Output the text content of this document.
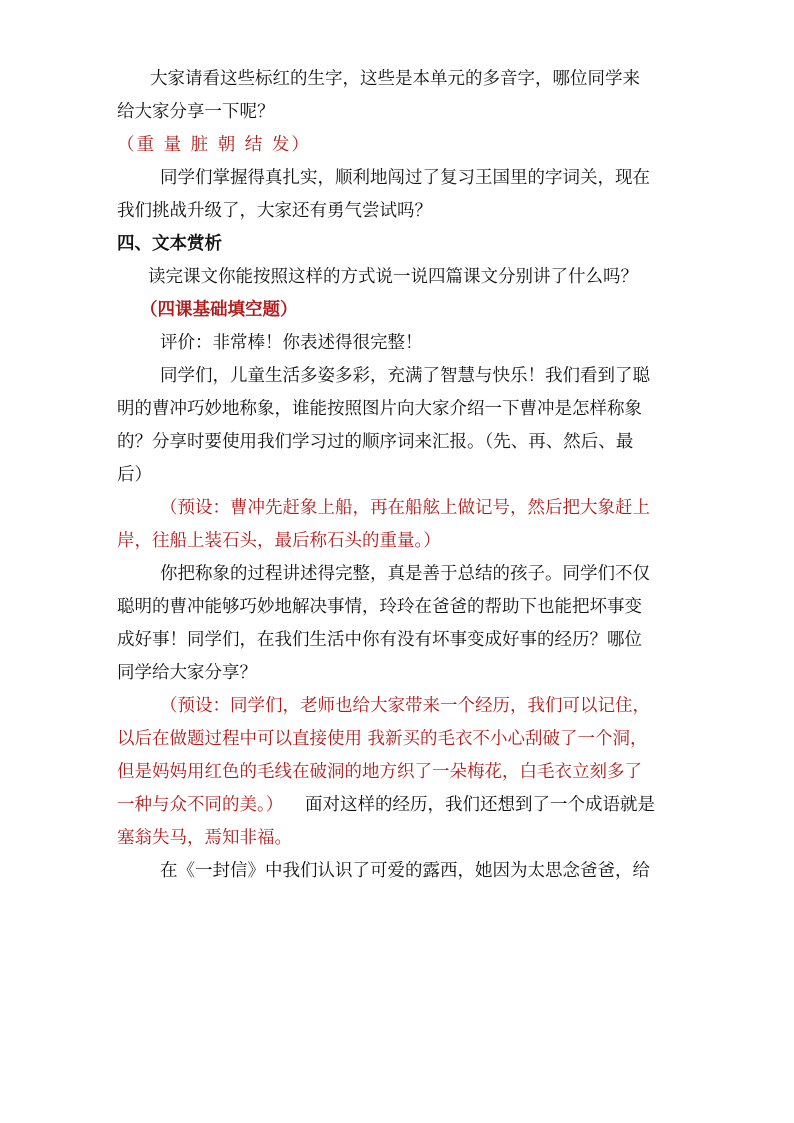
大家请看这些标红的生字，这些是本单元的多音字，哪位同学来
给大家分享一下呢？
（重 量 脏 朝 结 发）
同学们掌握得真扎实，顺利地闯过了复习王国里的字词关，现在
我们挑战升级了，大家还有勇气尝试吗？
四、文本赏析
读完课文你能按照这样的方式说一说四篇课文分别讲了什么吗？
（四课基础填空题）
评价：非常棒！你表述得很完整！
同学们，儿童生活多姿多彩，充满了智慧与快乐！我们看到了聪
明的曹冲巧妙地称象，谁能按照图片向大家介绍一下曹冲是怎样称象
的？分享时要使用我们学习过的顺序词来汇报。（先、再、然后、最
后）
（预设：曹冲先赶象上船，再在船舷上做记号，然后把大象赶上
岸，往船上装石头，最后称石头的重量。）
你把称象的过程讲述得完整，真是善于总结的孩子。同学们不仅
聪明的曹冲能够巧妙地解决事情，玲玲在爸爸的帮助下也能把坏事变
成好事！同学们，在我们生活中你有没有坏事变成好事的经历？哪位
同学给大家分享？
（预设：同学们，老师也给大家带来一个经历，我们可以记住，
以后在做题过程中可以直接使用 我新买的毛衣不小心刮破了一个洞，
但是妈妈用红色的毛线在破洞的地方织了一朵梅花，白毛衣立刻多了
一种与众不同的美。） 面对这样的经历，我们还想到了一个成语就是
塞翁失马，焉知非福。
在《一封信》中我们认识了可爱的露西，她因为太思念爸爸，给
